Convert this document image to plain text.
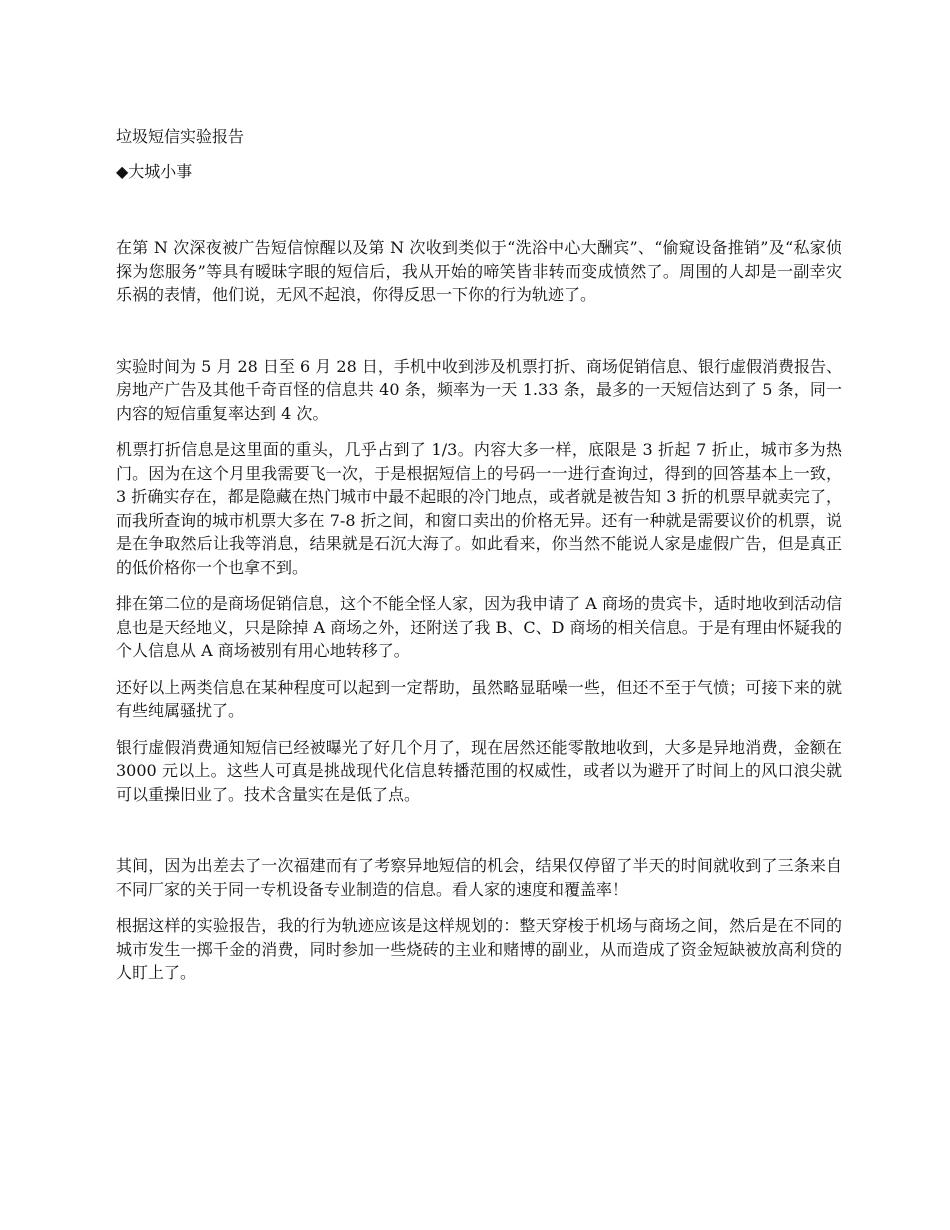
垃圾短信实验报告

◆大城小事

在第 N 次深夜被广告短信惊醒以及第 N 次收到类似于“洗浴中心大酬宾”、“偷窥设备推销”及“私家侦探为您服务”等具有暧昧字眼的短信后，我从开始的啼笑皆非转而变成愤然了。周围的人却是一副幸灾乐祸的表情，他们说，无风不起浪，你得反思一下你的行为轨迹了。

实验时间为 5 月 28 日至 6 月 28 日，手机中收到涉及机票打折、商场促销信息、银行虚假消费报告、房地产广告及其他千奇百怪的信息共 40 条，频率为一天 1.33 条，最多的一天短信达到了 5 条，同一内容的短信重复率达到 4 次。

机票打折信息是这里面的重头，几乎占到了 1/3。内容大多一样，底限是 3 折起 7 折止，城市多为热门。因为在这个月里我需要飞一次，于是根据短信上的号码一一进行查询过，得到的回答基本上一致，3 折确实存在，都是隐藏在热门城市中最不起眼的冷门地点，或者就是被告知 3 折的机票早就卖完了，而我所查询的城市机票大多在 7-8 折之间，和窗口卖出的价格无异。还有一种就是需要议价的机票，说是在争取然后让我等消息，结果就是石沉大海了。如此看来，你当然不能说人家是虚假广告，但是真正的低价格你一个也拿不到。

排在第二位的是商场促销信息，这个不能全怪人家，因为我申请了 A 商场的贵宾卡，适时地收到活动信息也是天经地义，只是除掉 A 商场之外，还附送了我 B、C、D 商场的相关信息。于是有理由怀疑我的个人信息从 A 商场被别有用心地转移了。

还好以上两类信息在某种程度可以起到一定帮助，虽然略显聒噪一些，但还不至于气愤；可接下来的就有些纯属骚扰了。

银行虚假消费通知短信已经被曝光了好几个月了，现在居然还能零散地收到，大多是异地消费，金额在 3000 元以上。这些人可真是挑战现代化信息转播范围的权威性，或者以为避开了时间上的风口浪尖就可以重操旧业了。技术含量实在是低了点。

其间，因为出差去了一次福建而有了考察异地短信的机会，结果仅停留了半天的时间就收到了三条来自不同厂家的关于同一专机设备专业制造的信息。看人家的速度和覆盖率！

根据这样的实验报告，我的行为轨迹应该是这样规划的：整天穿梭于机场与商场之间，然后是在不同的城市发生一掷千金的消费，同时参加一些烧砖的主业和赌博的副业，从而造成了资金短缺被放高利贷的人盯上了。
